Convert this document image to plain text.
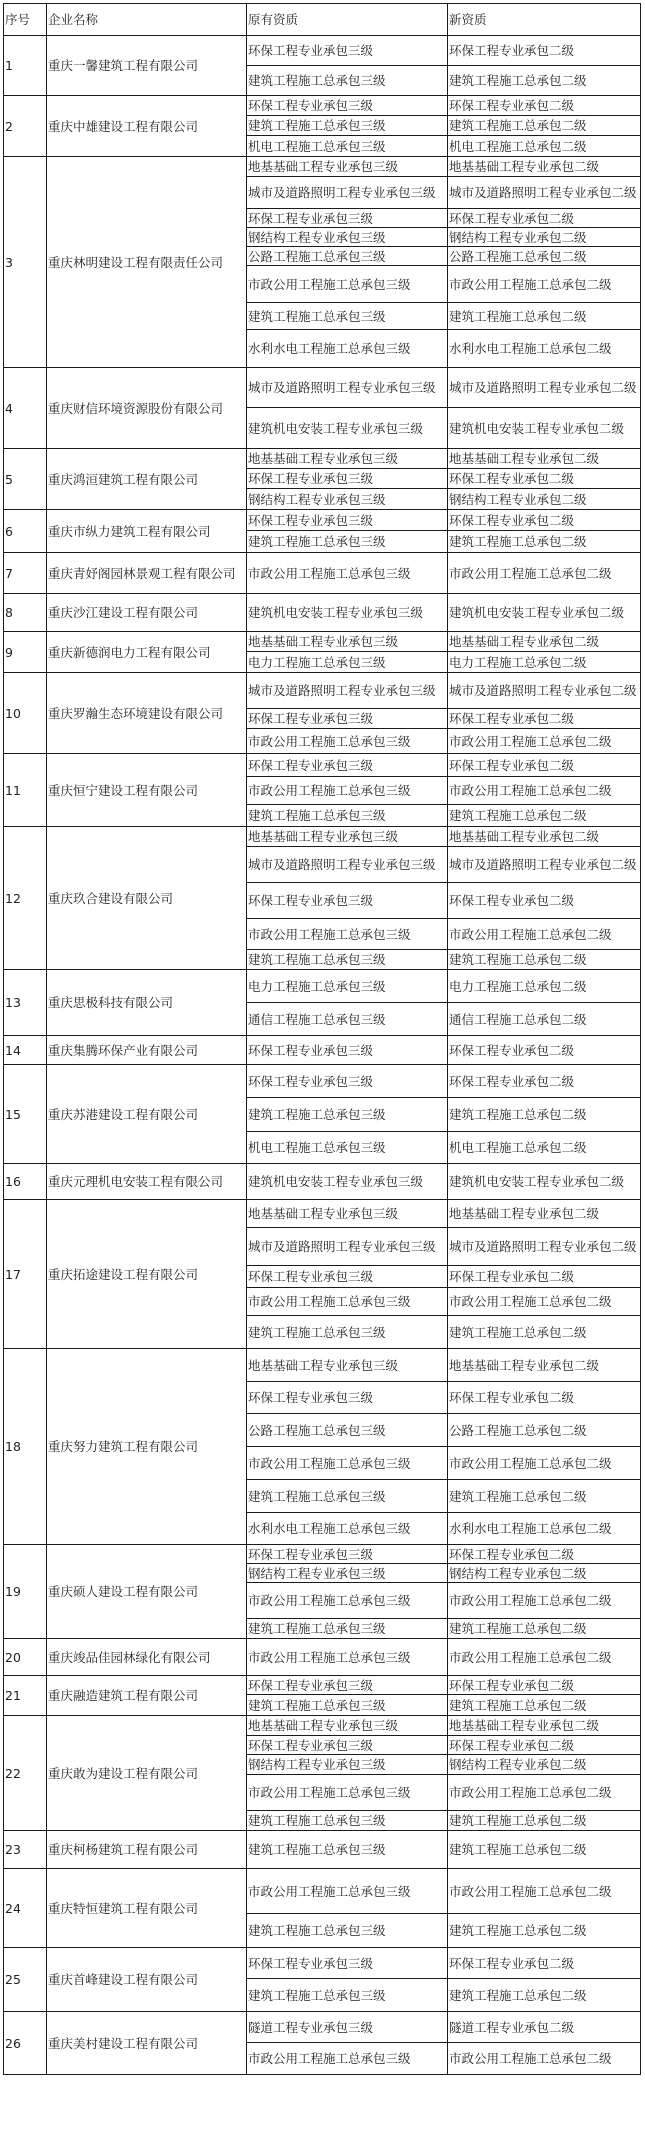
序号	企业名称	原有资质	新资质
1	重庆一馨建筑工程有限公司	环保工程专业承包三级	环保工程专业承包二级
		建筑工程施工总承包三级	建筑工程施工总承包二级
2	重庆中雄建设工程有限公司	环保工程专业承包三级	环保工程专业承包二级
		建筑工程施工总承包三级	建筑工程施工总承包二级
		机电工程施工总承包三级	机电工程施工总承包二级
3	重庆林明建设工程有限责任公司	地基基础工程专业承包三级	地基基础工程专业承包二级
		城市及道路照明工程专业承包三级	城市及道路照明工程专业承包二级
		环保工程专业承包三级	环保工程专业承包二级
		钢结构工程专业承包三级	钢结构工程专业承包二级
		公路工程施工总承包三级	公路工程施工总承包二级
		市政公用工程施工总承包三级	市政公用工程施工总承包二级
		建筑工程施工总承包三级	建筑工程施工总承包二级
		水利水电工程施工总承包三级	水利水电工程施工总承包二级
4	重庆财信环境资源股份有限公司	城市及道路照明工程专业承包三级	城市及道路照明工程专业承包二级
		建筑机电安装工程专业承包三级	建筑机电安装工程专业承包二级
5	重庆鸿洹建筑工程有限公司	地基基础工程专业承包三级	地基基础工程专业承包二级
		环保工程专业承包三级	环保工程专业承包二级
		钢结构工程专业承包三级	钢结构工程专业承包二级
6	重庆市纵力建筑工程有限公司	环保工程专业承包三级	环保工程专业承包二级
		建筑工程施工总承包三级	建筑工程施工总承包二级
7	重庆青妤阁园林景观工程有限公司	市政公用工程施工总承包三级	市政公用工程施工总承包二级
8	重庆沙江建设工程有限公司	建筑机电安装工程专业承包三级	建筑机电安装工程专业承包二级
9	重庆新德润电力工程有限公司	地基基础工程专业承包三级	地基基础工程专业承包二级
		电力工程施工总承包三级	电力工程施工总承包二级
10	重庆罗瀚生态环境建设有限公司	城市及道路照明工程专业承包三级	城市及道路照明工程专业承包二级
		环保工程专业承包三级	环保工程专业承包二级
		市政公用工程施工总承包三级	市政公用工程施工总承包二级
11	重庆恒宁建设工程有限公司	环保工程专业承包三级	环保工程专业承包二级
		市政公用工程施工总承包三级	市政公用工程施工总承包二级
		建筑工程施工总承包三级	建筑工程施工总承包二级
12	重庆玖合建设有限公司	地基基础工程专业承包三级	地基基础工程专业承包二级
		城市及道路照明工程专业承包三级	城市及道路照明工程专业承包二级
		环保工程专业承包三级	环保工程专业承包二级
		市政公用工程施工总承包三级	市政公用工程施工总承包二级
		建筑工程施工总承包三级	建筑工程施工总承包二级
13	重庆思极科技有限公司	电力工程施工总承包三级	电力工程施工总承包二级
		通信工程施工总承包三级	通信工程施工总承包二级
14	重庆集腾环保产业有限公司	环保工程专业承包三级	环保工程专业承包二级
15	重庆苏港建设工程有限公司	环保工程专业承包三级	环保工程专业承包二级
		建筑工程施工总承包三级	建筑工程施工总承包二级
		机电工程施工总承包三级	机电工程施工总承包二级
16	重庆元理机电安装工程有限公司	建筑机电安装工程专业承包三级	建筑机电安装工程专业承包二级
17	重庆拓途建设工程有限公司	地基基础工程专业承包三级	地基基础工程专业承包二级
		城市及道路照明工程专业承包三级	城市及道路照明工程专业承包二级
		环保工程专业承包三级	环保工程专业承包二级
		市政公用工程施工总承包三级	市政公用工程施工总承包二级
		建筑工程施工总承包三级	建筑工程施工总承包二级
18	重庆努力建筑工程有限公司	地基基础工程专业承包三级	地基基础工程专业承包二级
		环保工程专业承包三级	环保工程专业承包二级
		公路工程施工总承包三级	公路工程施工总承包二级
		市政公用工程施工总承包三级	市政公用工程施工总承包二级
		建筑工程施工总承包三级	建筑工程施工总承包二级
		水利水电工程施工总承包三级	水利水电工程施工总承包二级
19	重庆硕人建设工程有限公司	环保工程专业承包三级	环保工程专业承包二级
		钢结构工程专业承包三级	钢结构工程专业承包二级
		市政公用工程施工总承包三级	市政公用工程施工总承包二级
		建筑工程施工总承包三级	建筑工程施工总承包二级
20	重庆竣品佳园林绿化有限公司	市政公用工程施工总承包三级	市政公用工程施工总承包二级
21	重庆融造建筑工程有限公司	环保工程专业承包三级	环保工程专业承包二级
		建筑工程施工总承包三级	建筑工程施工总承包二级
22	重庆敢为建设工程有限公司	地基基础工程专业承包三级	地基基础工程专业承包二级
		环保工程专业承包三级	环保工程专业承包二级
		钢结构工程专业承包三级	钢结构工程专业承包二级
		市政公用工程施工总承包三级	市政公用工程施工总承包二级
		建筑工程施工总承包三级	建筑工程施工总承包二级
23	重庆柯杨建筑工程有限公司	建筑工程施工总承包三级	建筑工程施工总承包二级
24	重庆特恒建筑工程有限公司	市政公用工程施工总承包三级	市政公用工程施工总承包二级
		建筑工程施工总承包三级	建筑工程施工总承包二级
25	重庆首峰建设工程有限公司	环保工程专业承包三级	环保工程专业承包二级
		建筑工程施工总承包三级	建筑工程施工总承包二级
26	重庆美村建设工程有限公司	隧道工程专业承包三级	隧道工程专业承包二级
		市政公用工程施工总承包三级	市政公用工程施工总承包二级
